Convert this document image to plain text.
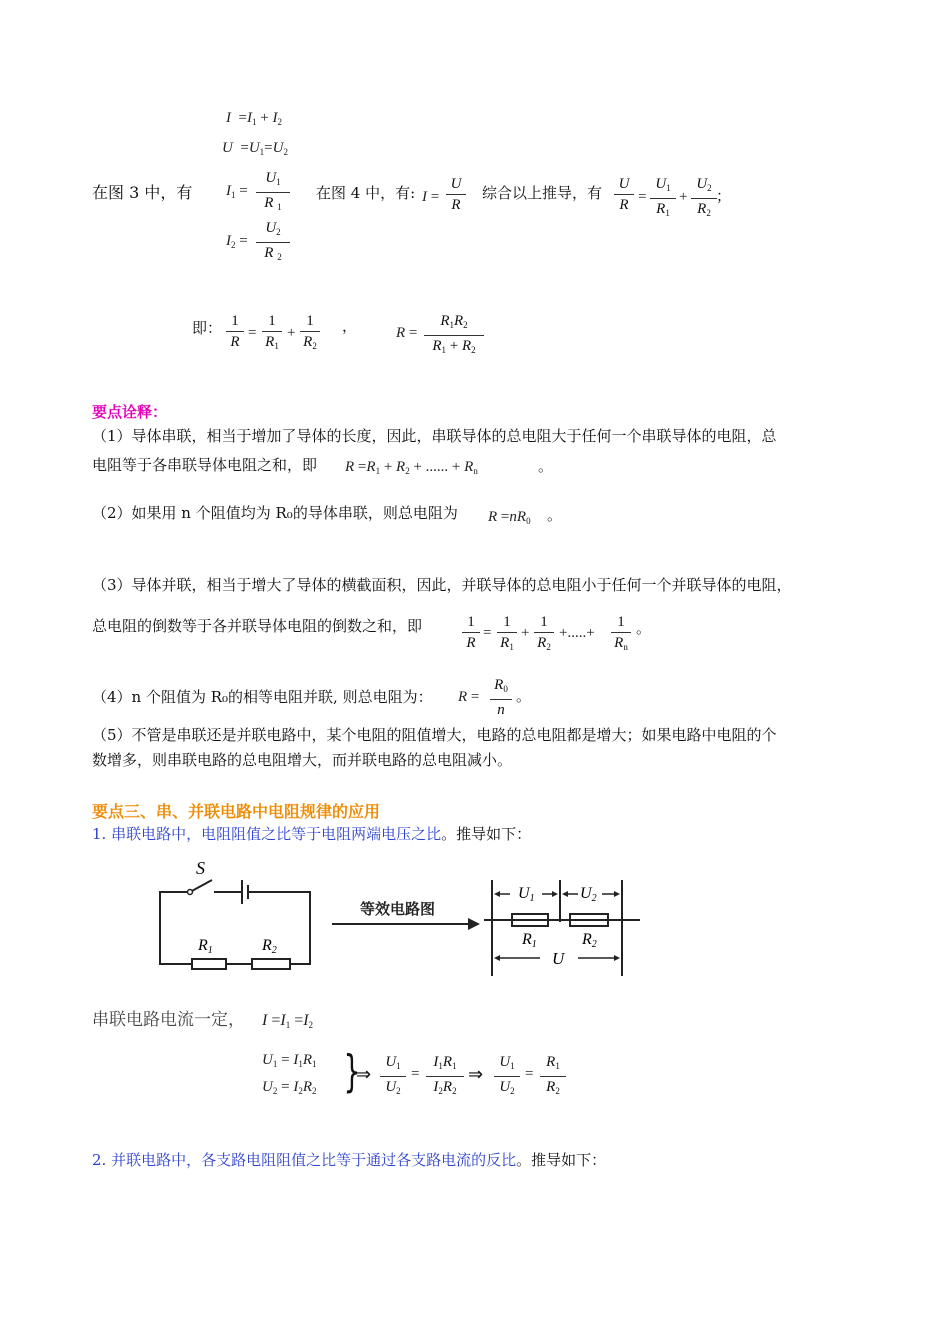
$I =I_1 + I_2$
$U =U_1=U_2$
在图 3 中，有 $I_1$ =
$U_1$
R $_1$
$I_2$ =
$U_2$
R $_2$
在图 4 中，有: I =
U
R
综合以上推导，有	U
R =
$U_1$
$R_1$
+
$U_2$
$R_2$
；
即： 1
R
=
1
$R_1$
+
1
$R_2$
，	R =
$R_1R_2$
$R_1 + R_2$
要点诠释：
（1）导体串联，相当于增加了导体的长度，因此，串联导体的总电阻大于任何一个串联导体的电阻，总
电阻等于各串联导体电阻之和，即 $R =R_1 + R_2$ + ...... + $R_n$	。
（2）如果用 n 个阻值均为 R₀的导体串联，则总电阻为 $R =nR_0$ 。
（3）导体并联，相当于增大了导体的横截面积，因此，并联导体的总电阻小于任何一个并联导体的电阻，
总电阻的倒数等于各并联导体电阻的倒数之和，即	1
R
=
1
$R_1$
+
1
$R_2$
+.....+
1
$R_n$
。
（4）n 个阻值为 R₀的相等电阻并联, 则总电阻为： R =
$R_0$
n
。
（5）不管是串联还是并联电路中，某个电阻的阻值增大，电路的总电阻都是增大；如果电路中电阻的个
数增多，则串联电路的总电阻增大，而并联电路的总电阻减小。
要点三、串、并联电路中电阻规律的应用
1. 串联电路中，电阻阻值之比等于电阻两端电压之比。推导如下：
S
R1	R2
U1	U2
R1	R2
U
等效电路图
串联电路电流一定， $I =I_1 =I_2$
$U_1 = I_1R_1$
$U_2 = I_2R_2$ }
⇒
$U_1$
$U_2$
=
$I_1R_1$
$I_2R_2$
⇒
$U_1$
$U_2$
=
$R_1$
$R_2$
2. 并联电路中，各支路电阻阻值之比等于通过各支路电流的反比。推导如下：
